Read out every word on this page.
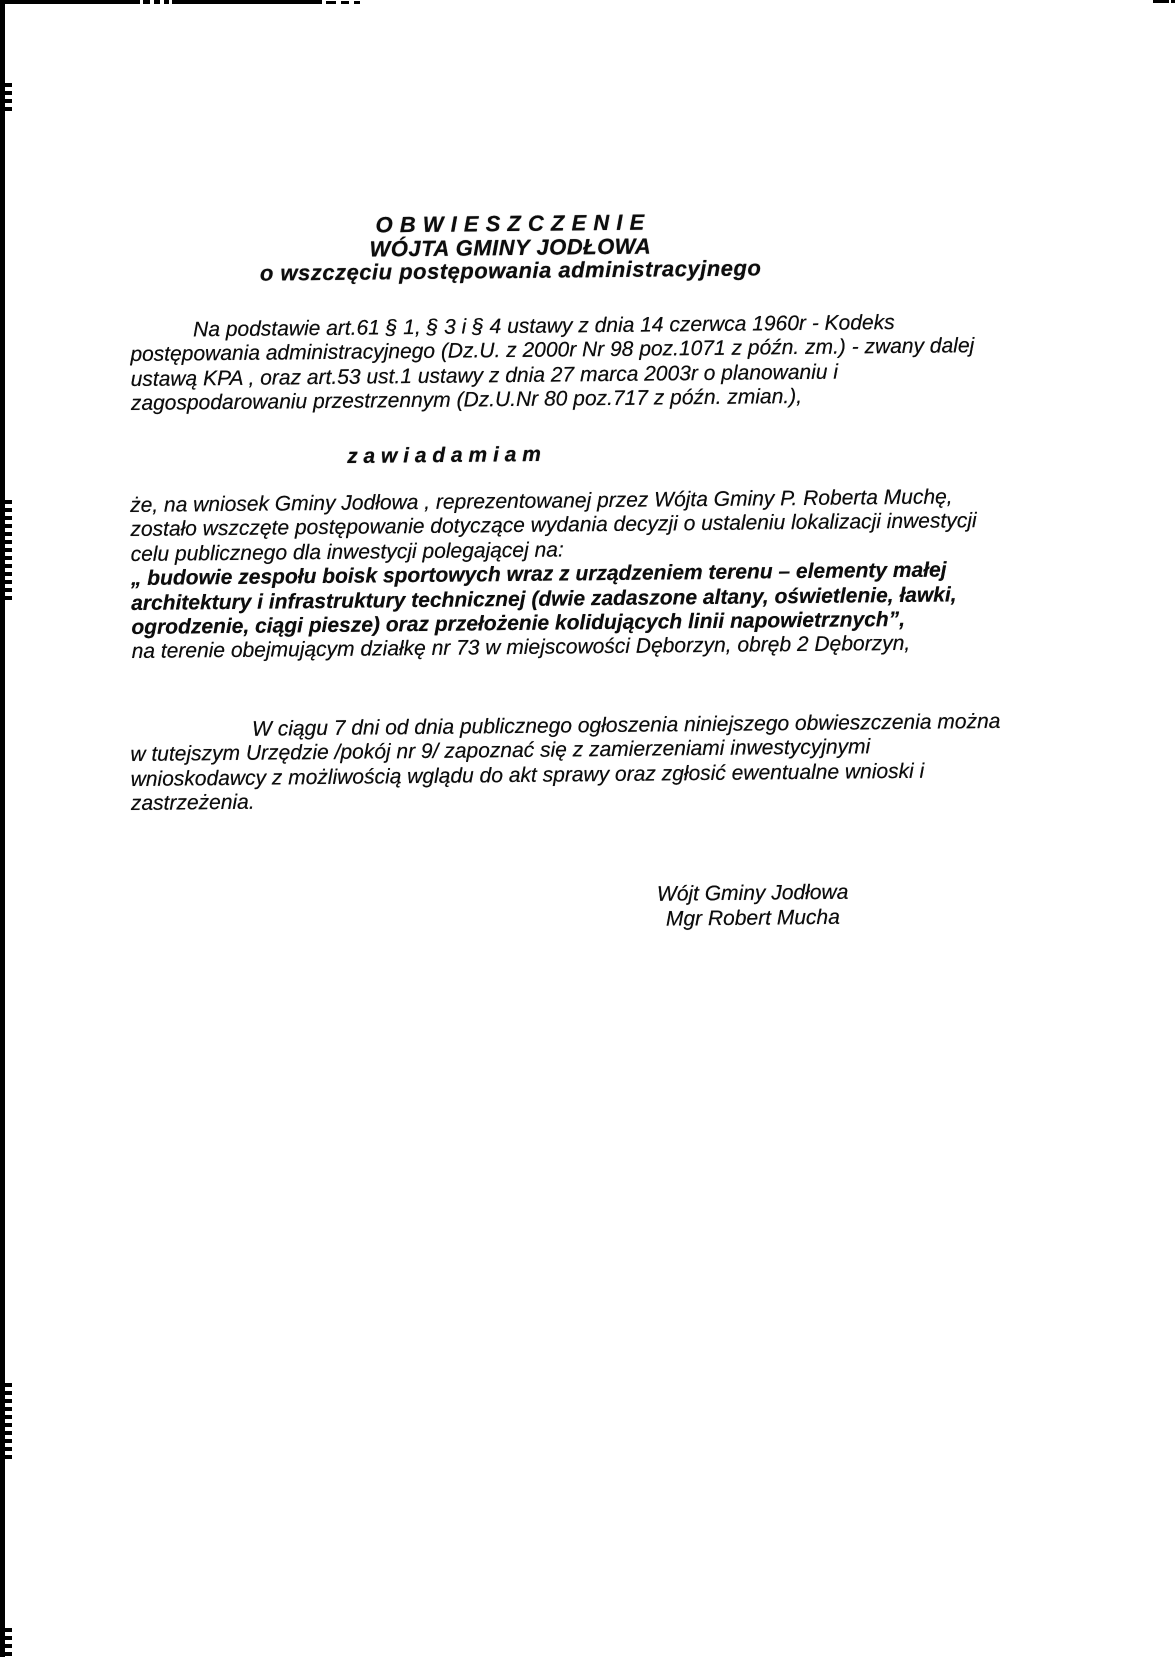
O B W I E S Z C Z E N I E
WÓJTA GMINY JODŁOWA
o wszczęciu postępowania administracyjnego
Na podstawie art.61 § 1, § 3 i § 4 ustawy z dnia 14 czerwca 1960r - Kodeks
postępowania administracyjnego (Dz.U. z 2000r Nr 98 poz.1071 z późn. zm.) - zwany dalej
ustawą KPA , oraz art.53 ust.1 ustawy z dnia 27 marca 2003r o planowaniu i
zagospodarowaniu przestrzennym (Dz.U.Nr 80 poz.717 z późn. zmian.),
z a w i a d a m i a m
że, na wniosek Gminy Jodłowa , reprezentowanej przez Wójta Gminy P. Roberta Muchę,
zostało wszczęte postępowanie dotyczące wydania decyzji o ustaleniu lokalizacji inwestycji
celu publicznego dla inwestycji polegającej na:
„ budowie zespołu boisk sportowych wraz z urządzeniem terenu – elementy małej
architektury i infrastruktury technicznej (dwie zadaszone altany, oświetlenie, ławki,
ogrodzenie, ciągi piesze) oraz przełożenie kolidujących linii napowietrznych”,
na terenie obejmującym działkę nr 73 w miejscowości Dęborzyn, obręb 2 Dęborzyn,
W ciągu 7 dni od dnia publicznego ogłoszenia niniejszego obwieszczenia można
w tutejszym Urzędzie /pokój nr 9/ zapoznać się z zamierzeniami inwestycyjnymi
wnioskodawcy z możliwością wglądu do akt sprawy oraz zgłosić ewentualne wnioski i
zastrzeżenia.
Wójt Gminy Jodłowa
Mgr Robert Mucha
